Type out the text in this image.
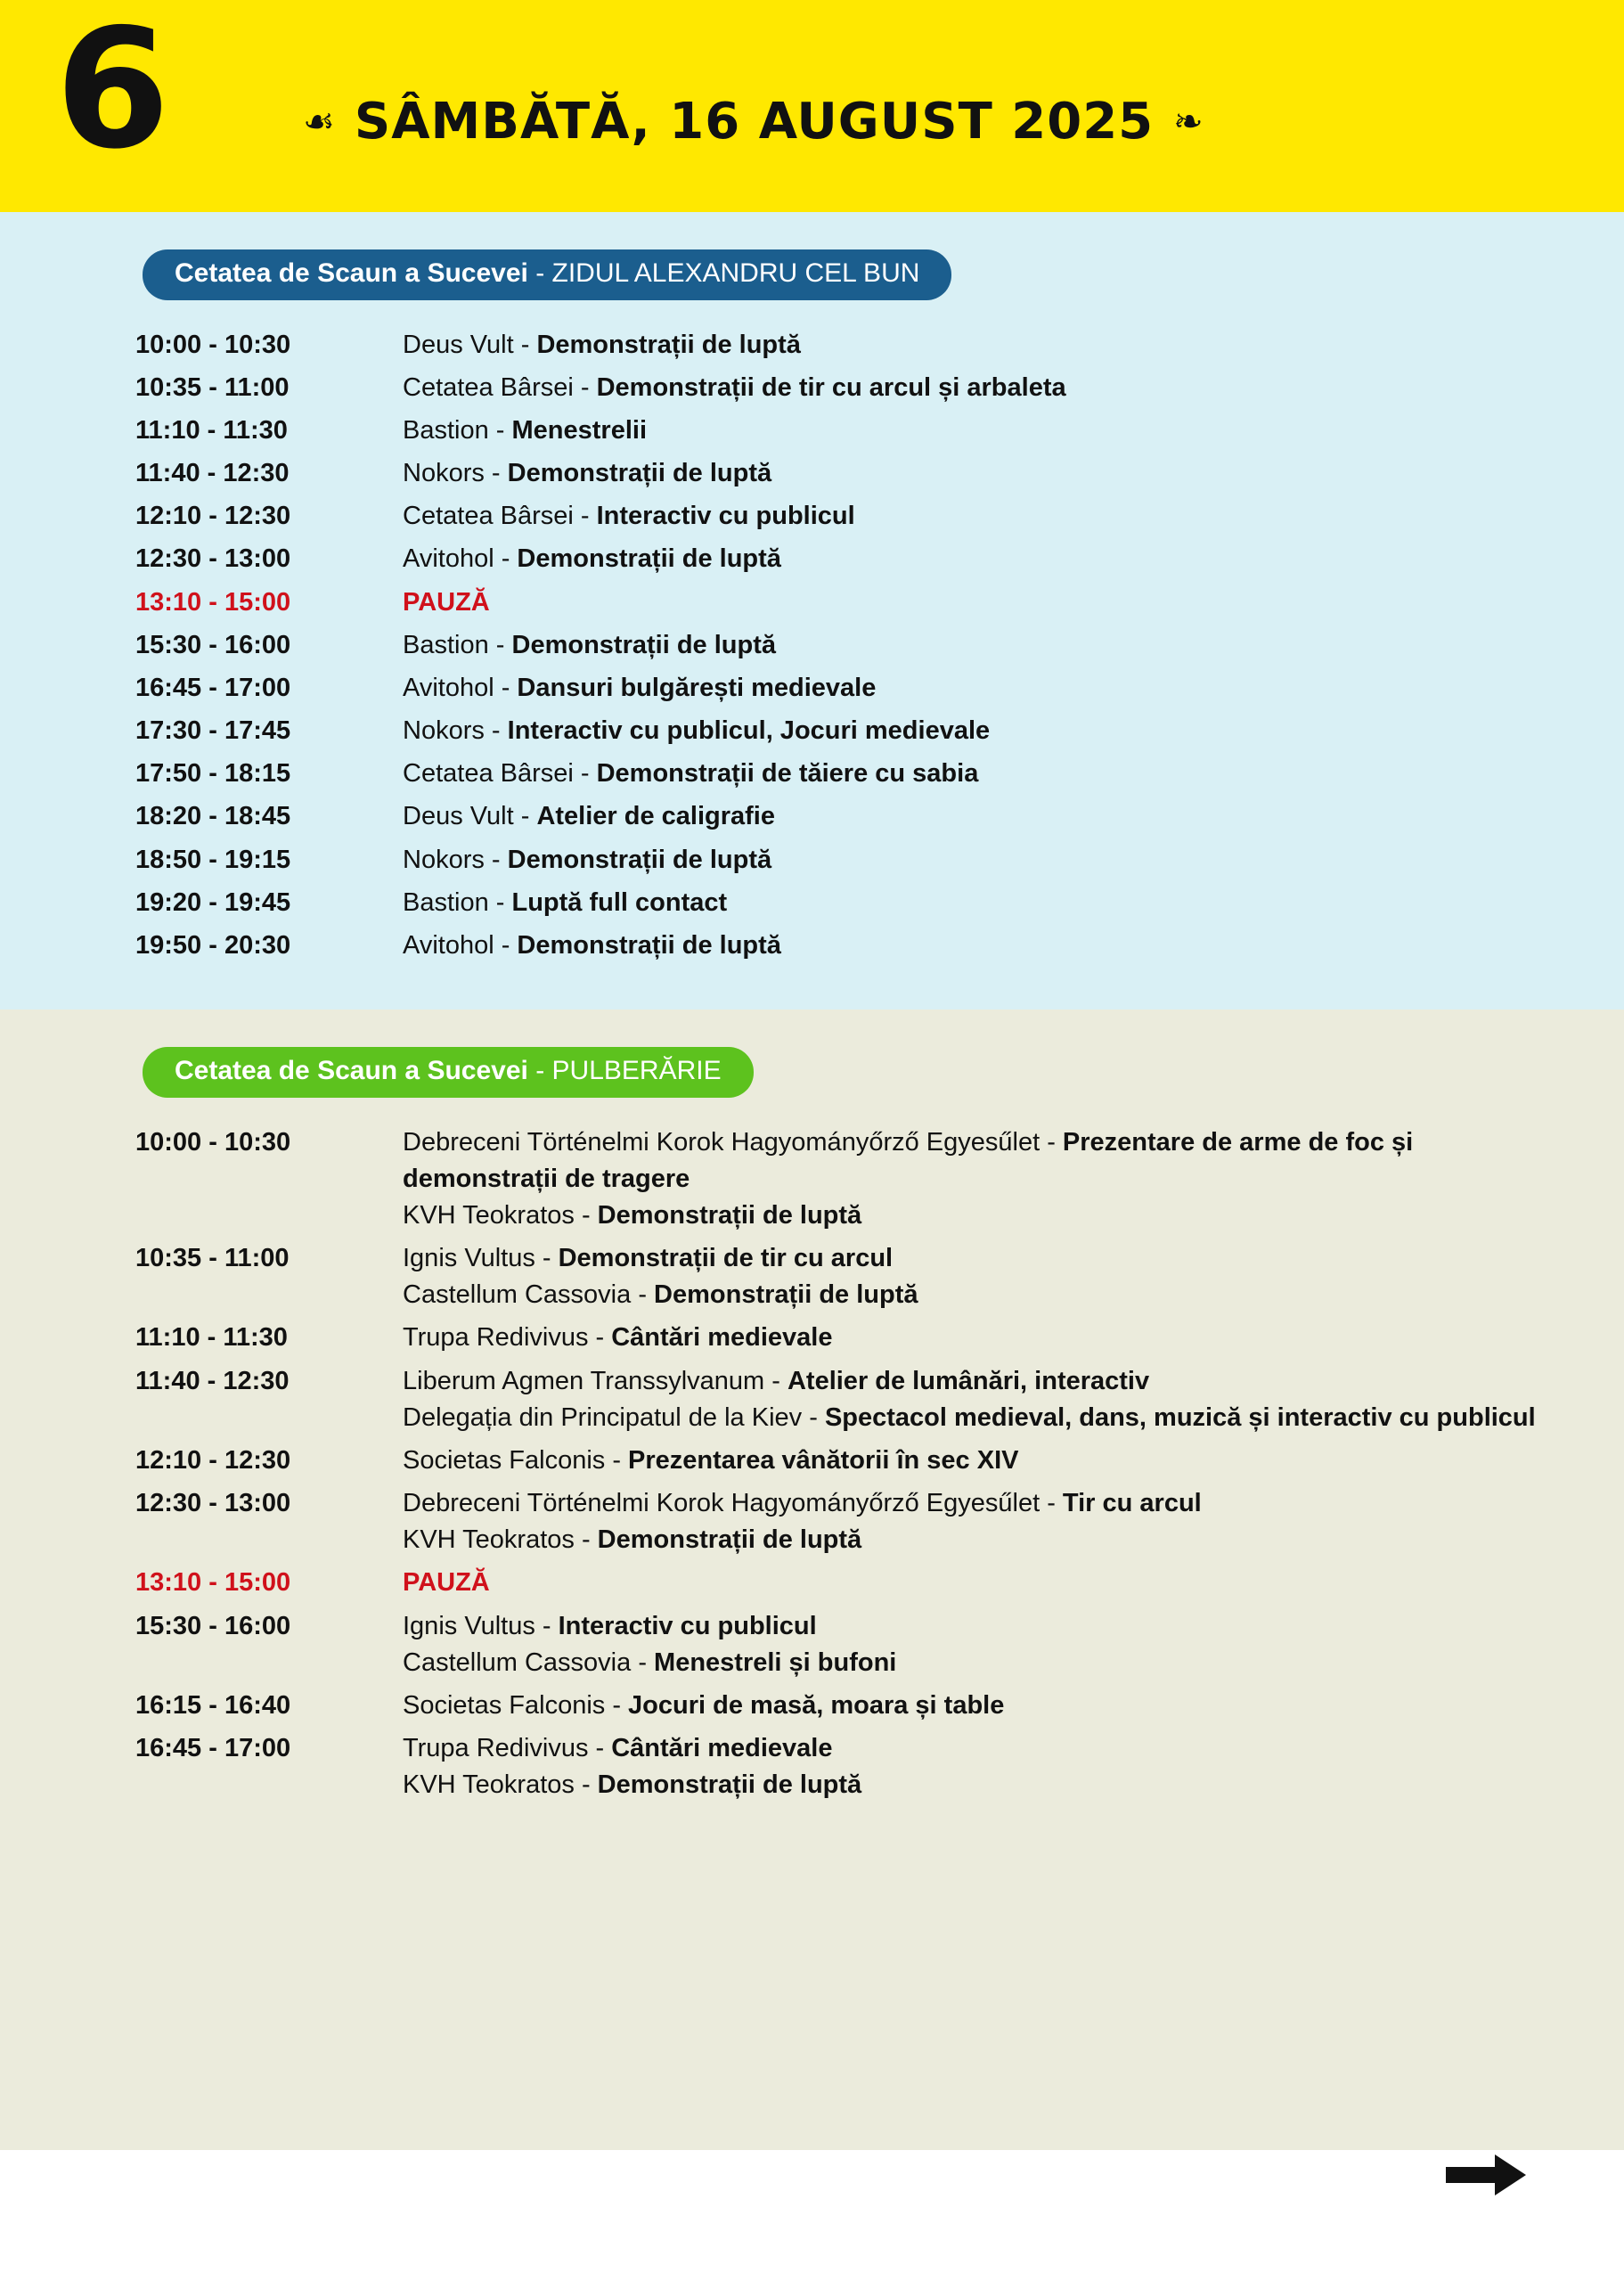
6	☙ SÂMBĂTĂ, 16 AUGUST 2025 ❧
Cetatea de Scaun a Sucevei - ZIDUL ALEXANDRU CEL BUN
10:00 - 10:30	Deus Vult - Demonstrații de luptă
10:35 - 11:00	Cetatea Bârsei - Demonstrații de tir cu arcul și arbaleta
11:10 - 11:30	Bastion - Menestrelii
11:40 - 12:30	Nokors - Demonstrații de luptă
12:10 - 12:30	Cetatea Bârsei - Interactiv cu publicul
12:30 - 13:00	Avitohol - Demonstrații de luptă
13:10 - 15:00	PAUZĂ
15:30 - 16:00	Bastion - Demonstrații de luptă
16:45 - 17:00	Avitohol - Dansuri bulgărești medievale
17:30 - 17:45	Nokors - Interactiv cu publicul, Jocuri medievale
17:50 - 18:15	Cetatea Bârsei - Demonstrații de tăiere cu sabia
18:20 - 18:45	Deus Vult - Atelier de caligrafie
18:50 - 19:15	Nokors - Demonstrații de luptă
19:20 - 19:45	Bastion - Luptă full contact
19:50 - 20:30	Avitohol - Demonstrații de luptă
Cetatea de Scaun a Sucevei - PULBERĂRIE
10:00 - 10:30	Debreceni Történelmi Korok Hagyományőrző Egyesűlet - Prezentare de arme de foc și demonstrații de tragere
KVH Teokratos - Demonstrații de luptă
10:35 - 11:00	Ignis Vultus - Demonstrații de tir cu arcul
Castellum Cassovia - Demonstrații de luptă
11:10 - 11:30	Trupa Redivivus - Cântări medievale
11:40 - 12:30	Liberum Agmen Transsylvanum - Atelier de lumânări, interactiv
Delegația din Principatul de la Kiev - Spectacol medieval, dans, muzică și interactiv cu publicul
12:10 - 12:30	Societas Falconis - Prezentarea vânătorii în sec XIV
12:30 - 13:00	Debreceni Történelmi Korok Hagyományőrző Egyesűlet - Tir cu arcul
KVH Teokratos - Demonstrații de luptă
13:10 - 15:00	PAUZĂ
15:30 - 16:00	Ignis Vultus - Interactiv cu publicul
Castellum Cassovia - Menestreli și bufoni
16:15 - 16:40	Societas Falconis - Jocuri de masă, moara și table
16:45 - 17:00	Trupa Redivivus - Cântări medievale
KVH Teokratos - Demonstrații de luptă
